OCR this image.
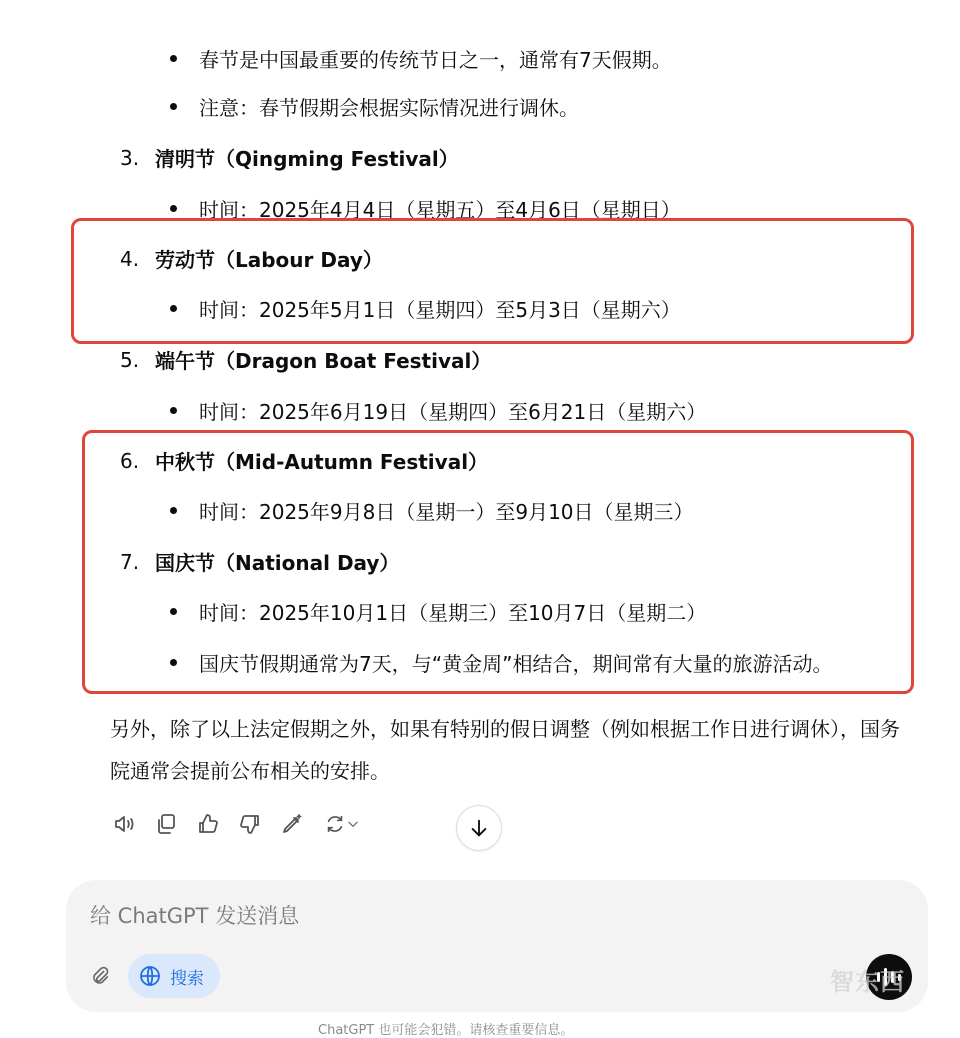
春节是中国最重要的传统节日之一，通常有7天假期。
注意：春节假期会根据实际情况进行调休。
3. 清明节（Qingming Festival）
时间：2025年4月4日（星期五）至4月6日（星期日）
4. 劳动节（Labour Day）
时间：2025年5月1日（星期四）至5月3日（星期六）
5. 端午节（Dragon Boat Festival）
时间：2025年6月19日（星期四）至6月21日（星期六）
6. 中秋节（Mid-Autumn Festival）
时间：2025年9月8日（星期一）至9月10日（星期三）
7. 国庆节（National Day）
时间：2025年10月1日（星期三）至10月7日（星期二）
国庆节假期通常为7天，与“黄金周”相结合，期间常有大量的旅游活动。
另外，除了以上法定假期之外，如果有特别的假日调整（例如根据工作日进行调休），国务院通常会提前公布相关的安排。
给 ChatGPT 发送消息
搜索	智东西
ChatGPT 也可能会犯错。请核查重要信息。
